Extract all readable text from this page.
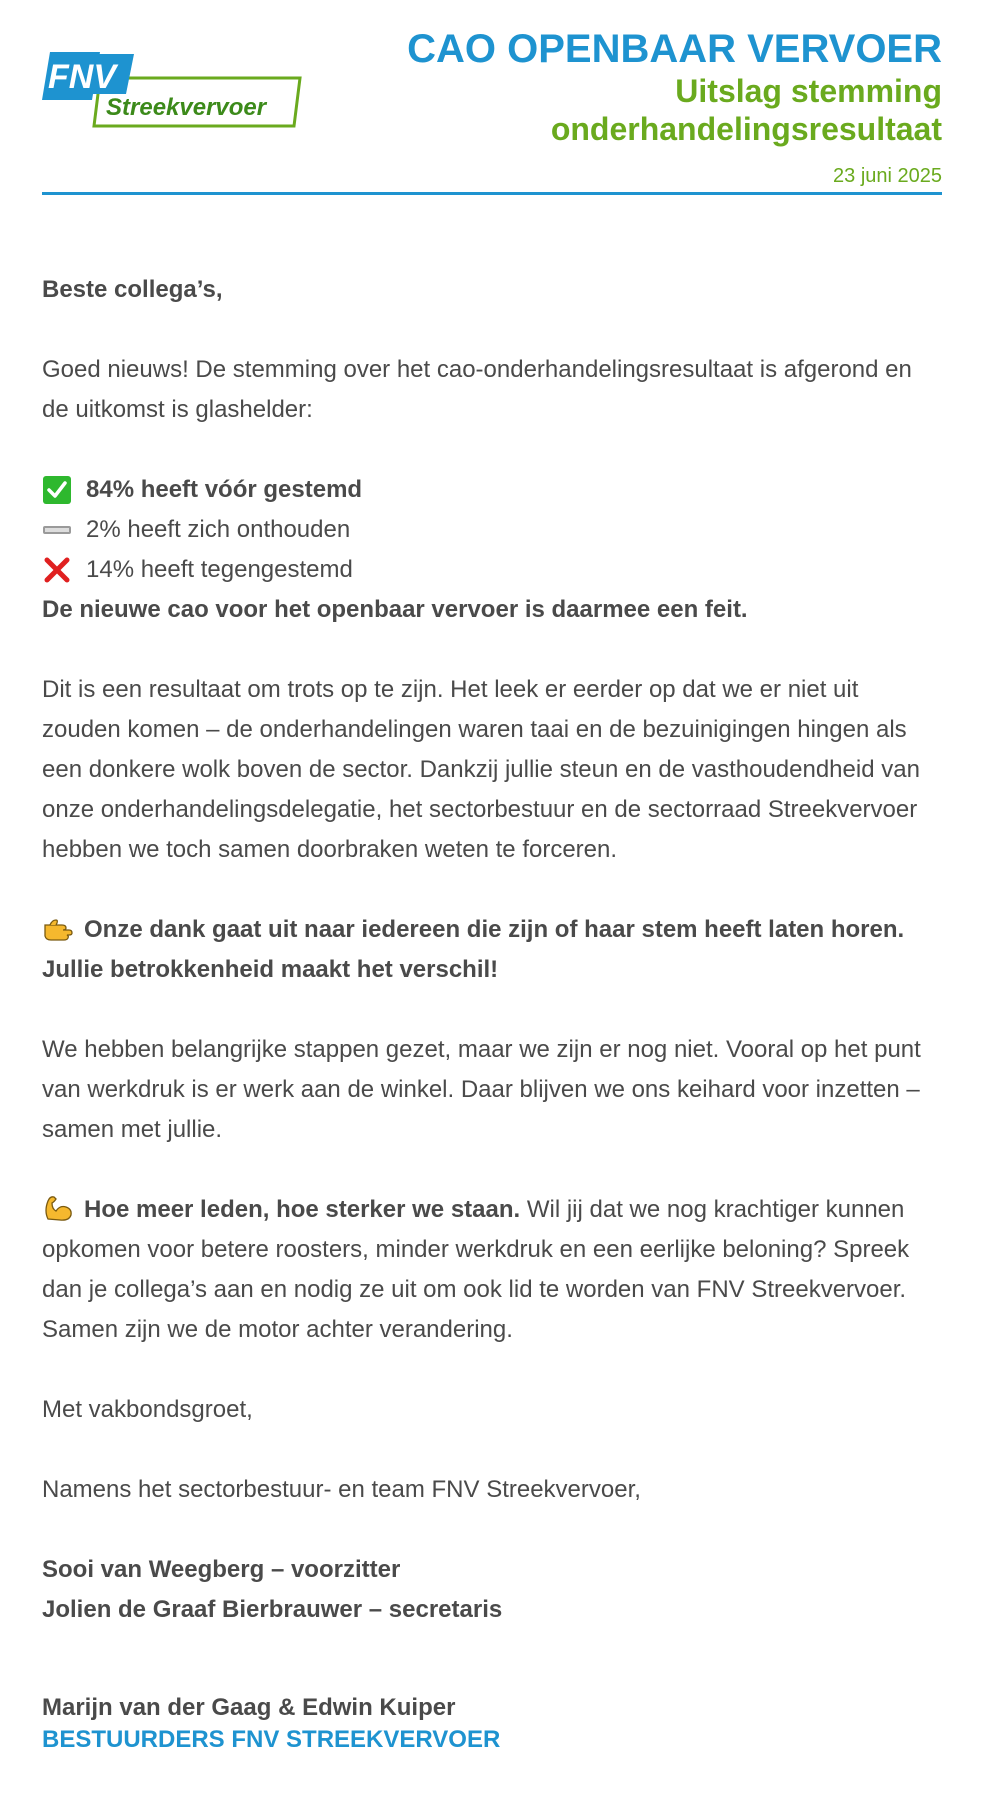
FNV
Streekvervoer
CAO OPENBAAR VERVOER
Uitslag stemming onderhandelingsresultaat
23 juni 2025

Beste collega’s,

Goed nieuws! De stemming over het cao-onderhandelingsresultaat is afgerond en de uitkomst is glashelder:

84% heeft vóór gestemd
2% heeft zich onthouden
14% heeft tegengestemd

De nieuwe cao voor het openbaar vervoer is daarmee een feit.

Dit is een resultaat om trots op te zijn. Het leek er eerder op dat we er niet uit zouden komen – de onderhandelingen waren taai en de bezuinigingen hingen als een donkere wolk boven de sector. Dankzij jullie steun en de vasthoudendheid van onze onderhandelingsdelegatie, het sectorbestuur en de sectorraad Streekvervoer hebben we toch samen doorbraken weten te forceren.

Onze dank gaat uit naar iedereen die zijn of haar stem heeft laten horen. Jullie betrokkenheid maakt het verschil!

We hebben belangrijke stappen gezet, maar we zijn er nog niet. Vooral op het punt van werkdruk is er werk aan de winkel. Daar blijven we ons keihard voor inzetten – samen met jullie.

Hoe meer leden, hoe sterker we staan. Wil jij dat we nog krachtiger kunnen opkomen voor betere roosters, minder werkdruk en een eerlijke beloning? Spreek dan je collega’s aan en nodig ze uit om ook lid te worden van FNV Streekvervoer. Samen zijn we de motor achter verandering.

Met vakbondsgroet,

Namens het sectorbestuur- en team FNV Streekvervoer,

Sooi van Weegberg – voorzitter

Jolien de Graaf Bierbrauwer – secretaris

Marijn van der Gaag & Edwin Kuiper

BESTUURDERS FNV STREEKVERVOER
